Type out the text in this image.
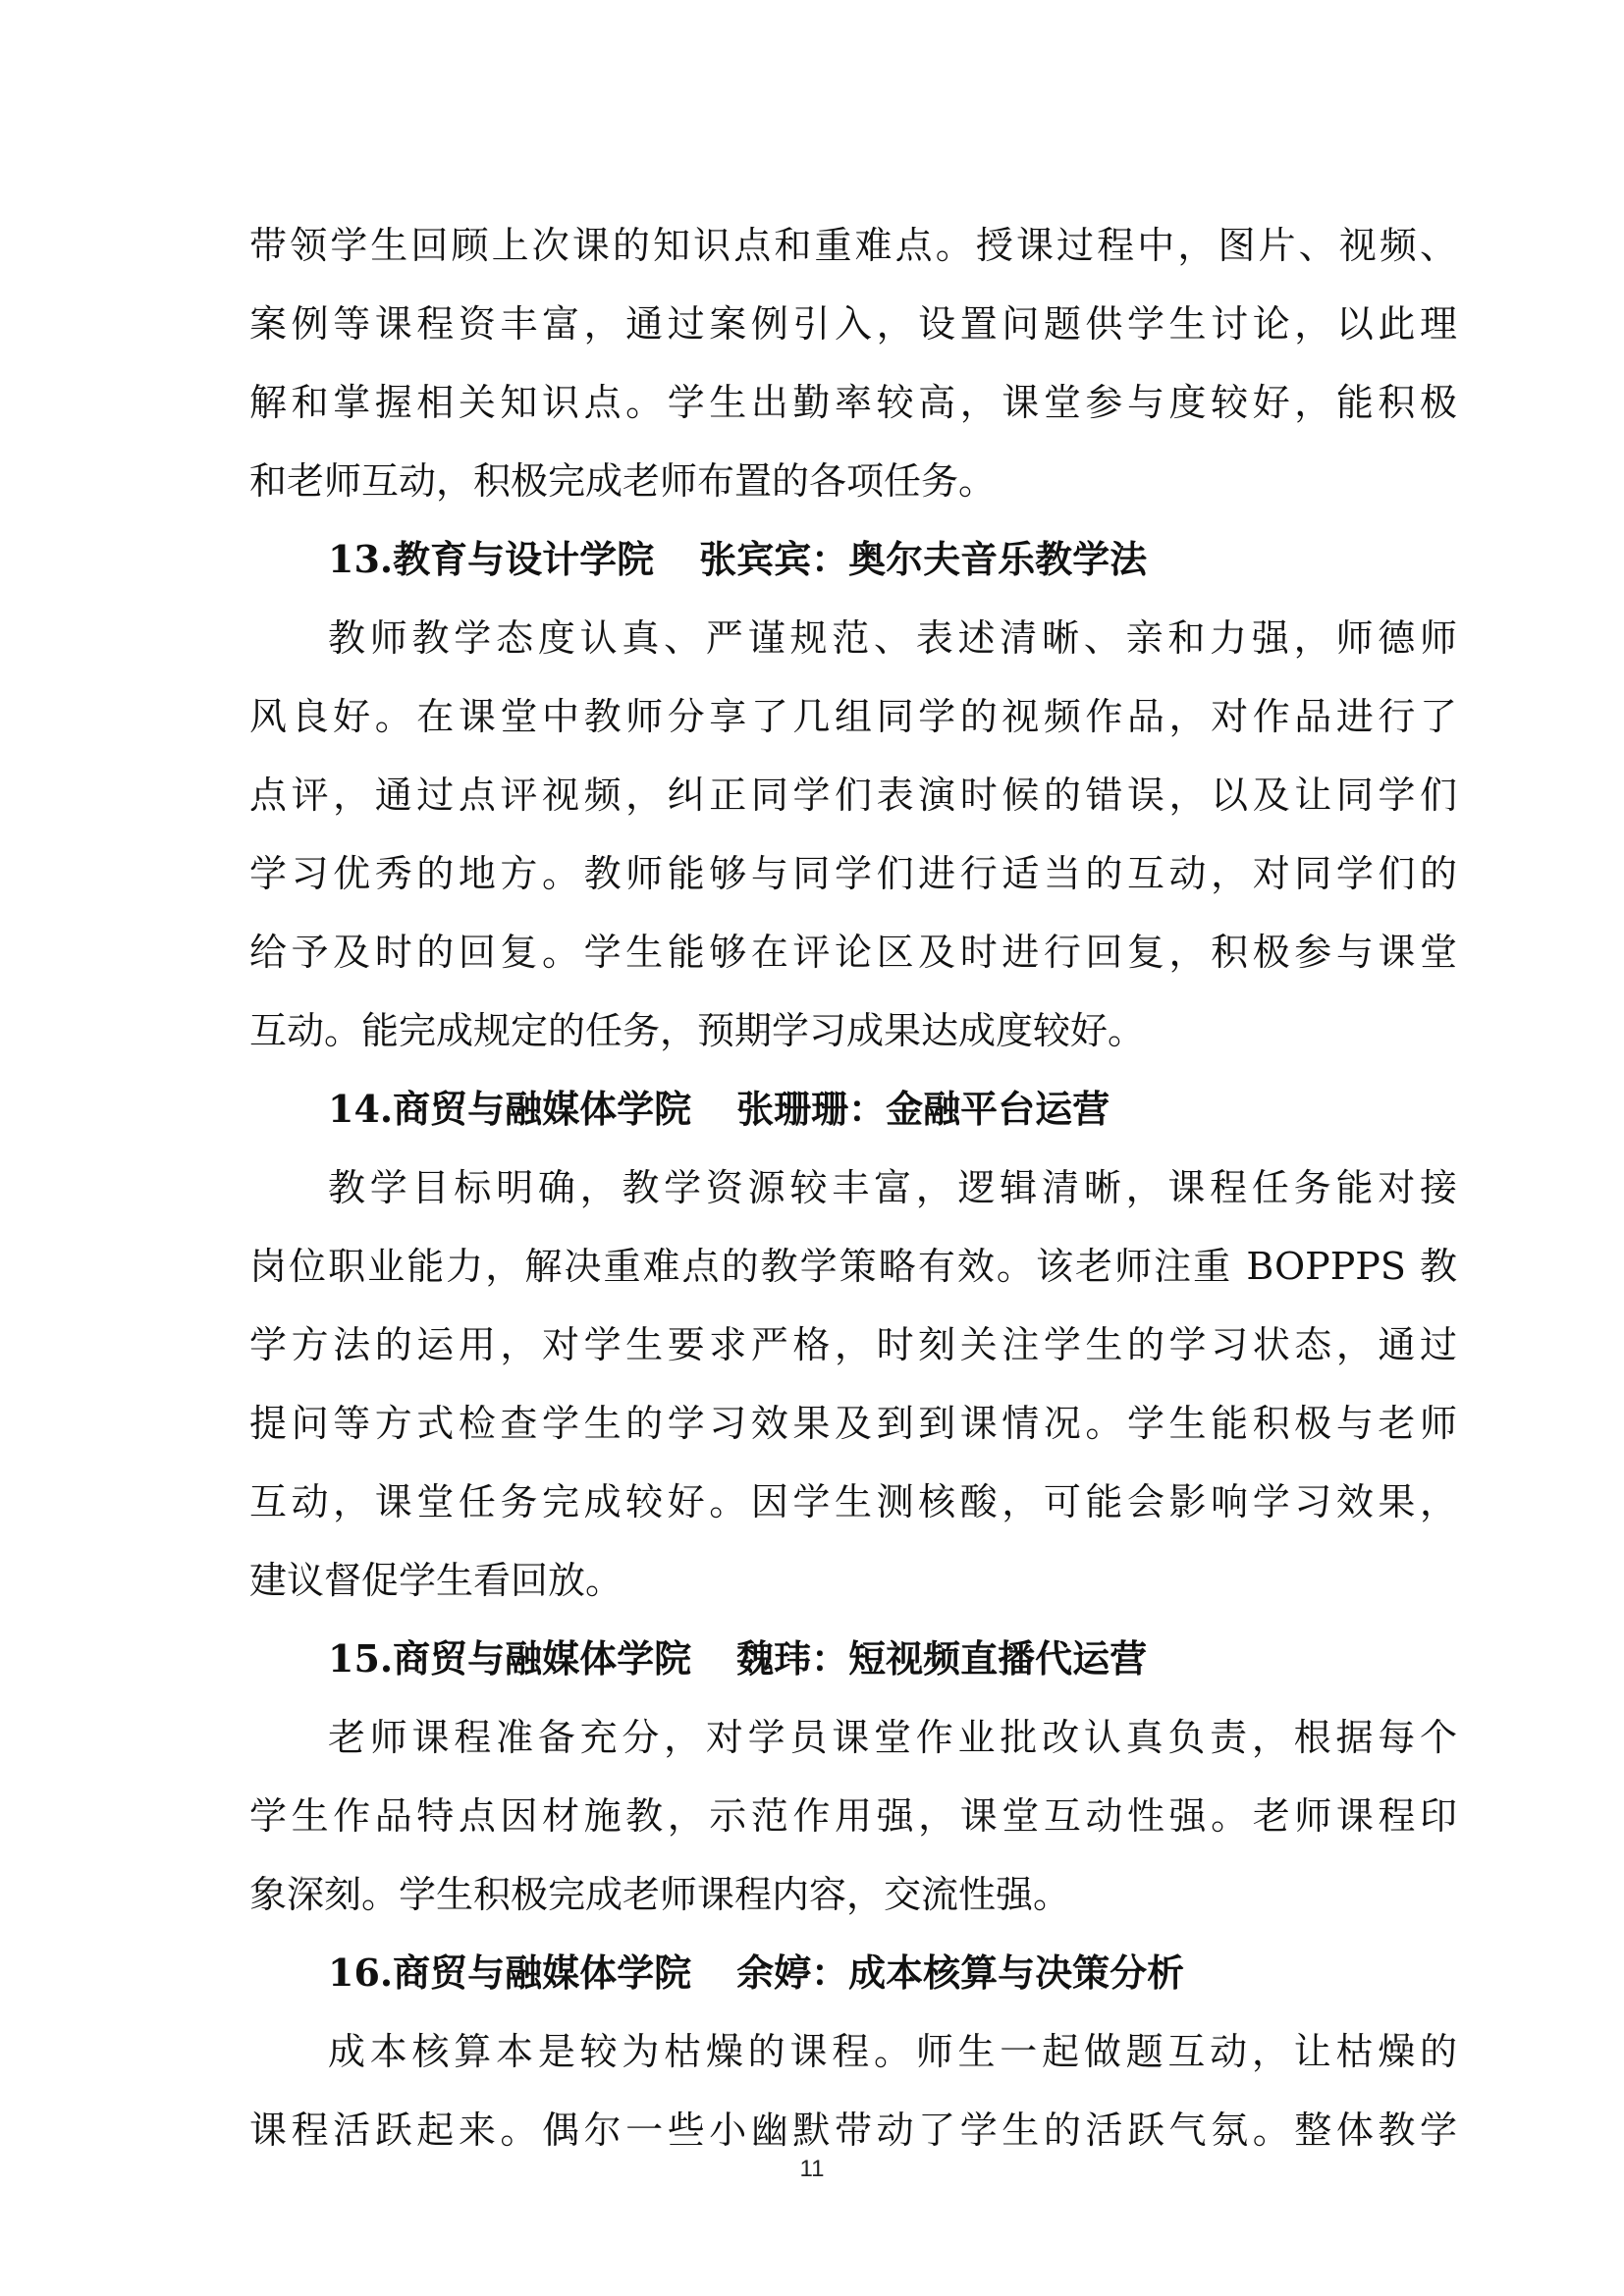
带领学生回顾上次课的知识点和重难点。授课过程中，图片、视频、
案例等课程资丰富，通过案例引入，设置问题供学生讨论，以此理
解和掌握相关知识点。学生出勤率较高，课堂参与度较好，能积极
和老师互动，积极完成老师布置的各项任务。
13.教育与设计学院 张宾宾：奥尔夫音乐教学法
教师教学态度认真、严谨规范、表述清晰、亲和力强，师德师
风良好。在课堂中教师分享了几组同学的视频作品，对作品进行了
点评，通过点评视频，纠正同学们表演时候的错误，以及让同学们
学习优秀的地方。教师能够与同学们进行适当的互动，对同学们的
给予及时的回复。学生能够在评论区及时进行回复，积极参与课堂
互动。能完成规定的任务，预期学习成果达成度较好。
14.商贸与融媒体学院 张珊珊：金融平台运营
教学目标明确，教学资源较丰富，逻辑清晰，课程任务能对接
岗位职业能力，解决重难点的教学策略有效。该老师注重 BOPPPS 教
学方法的运用，对学生要求严格，时刻关注学生的学习状态，通过
提问等方式检查学生的学习效果及到到课情况。学生能积极与老师
互动，课堂任务完成较好。因学生测核酸，可能会影响学习效果，
建议督促学生看回放。
15.商贸与融媒体学院 魏玮：短视频直播代运营
老师课程准备充分，对学员课堂作业批改认真负责，根据每个
学生作品特点因材施教，示范作用强，课堂互动性强。老师课程印
象深刻。学生积极完成老师课程内容，交流性强。
16.商贸与融媒体学院 余婷：成本核算与决策分析
成本核算本是较为枯燥的课程。师生一起做题互动，让枯燥的
课程活跃起来。偶尔一些小幽默带动了学生的活跃气氛。整体教学
11
